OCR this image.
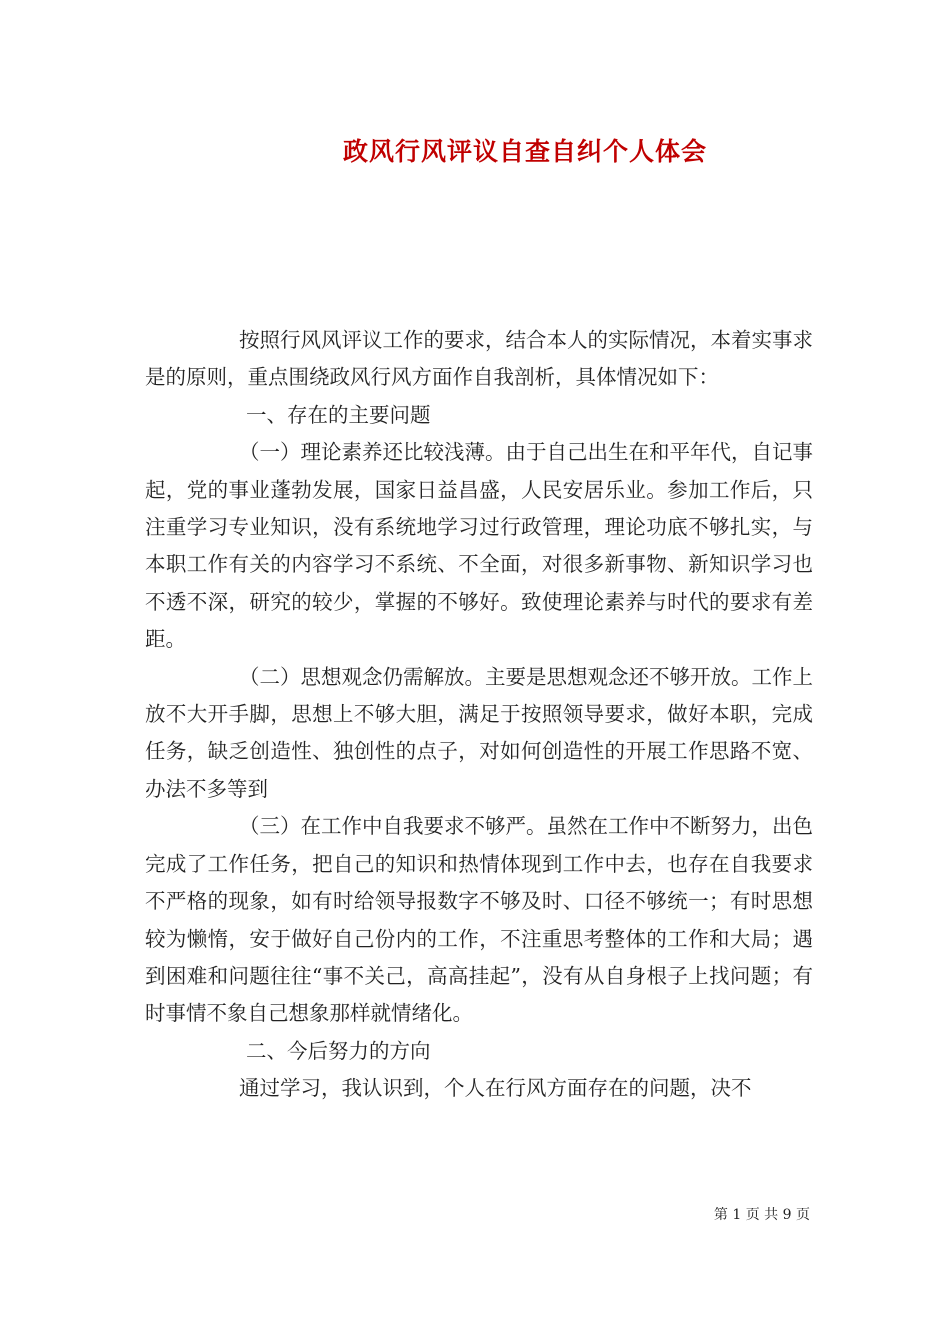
政风行风评议自查自纠个人体会

按照行风风评议工作的要求，结合本人的实际情况，本着实事求是的原则，重点围绕政风行风方面作自我剖析，具体情况如下：

一、存在的主要问题

（一）理论素养还比较浅薄。由于自己出生在和平年代，自记事起，党的事业蓬勃发展，国家日益昌盛，人民安居乐业。参加工作后，只注重学习专业知识，没有系统地学习过行政管理，理论功底不够扎实，与本职工作有关的内容学习不系统、不全面，对很多新事物、新知识学习也不透不深，研究的较少，掌握的不够好。致使理论素养与时代的要求有差距。

（二）思想观念仍需解放。主要是思想观念还不够开放。工作上放不大开手脚，思想上不够大胆，满足于按照领导要求，做好本职，完成任务，缺乏创造性、独创性的点子，对如何创造性的开展工作思路不宽、办法不多等到

（三）在工作中自我要求不够严。虽然在工作中不断努力，出色完成了工作任务，把自己的知识和热情体现到工作中去，也存在自我要求不严格的现象，如有时给领导报数字不够及时、口径不够统一；有时思想较为懒惰，安于做好自己份内的工作，不注重思考整体的工作和大局；遇到困难和问题往往“事不关己，高高挂起”，没有从自身根子上找问题；有时事情不象自己想象那样就情绪化。

二、今后努力的方向

通过学习，我认识到，个人在行风方面存在的问题，决不

第 1 页 共 9 页
